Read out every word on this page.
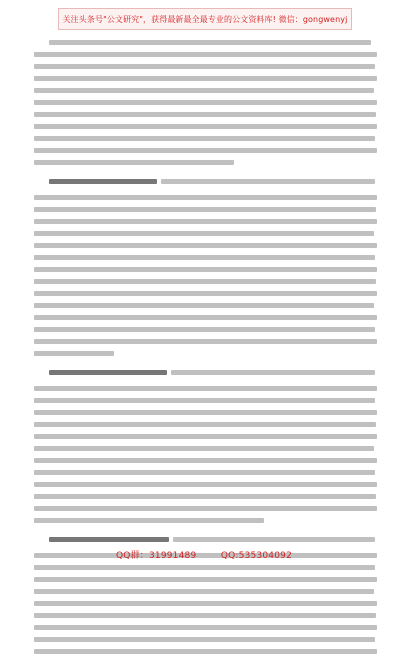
关注头条号"公文研究"，获得最新最全最专业的公文资料库! 微信：gongwenyj
QQ群：31991489        QQ:535304092
